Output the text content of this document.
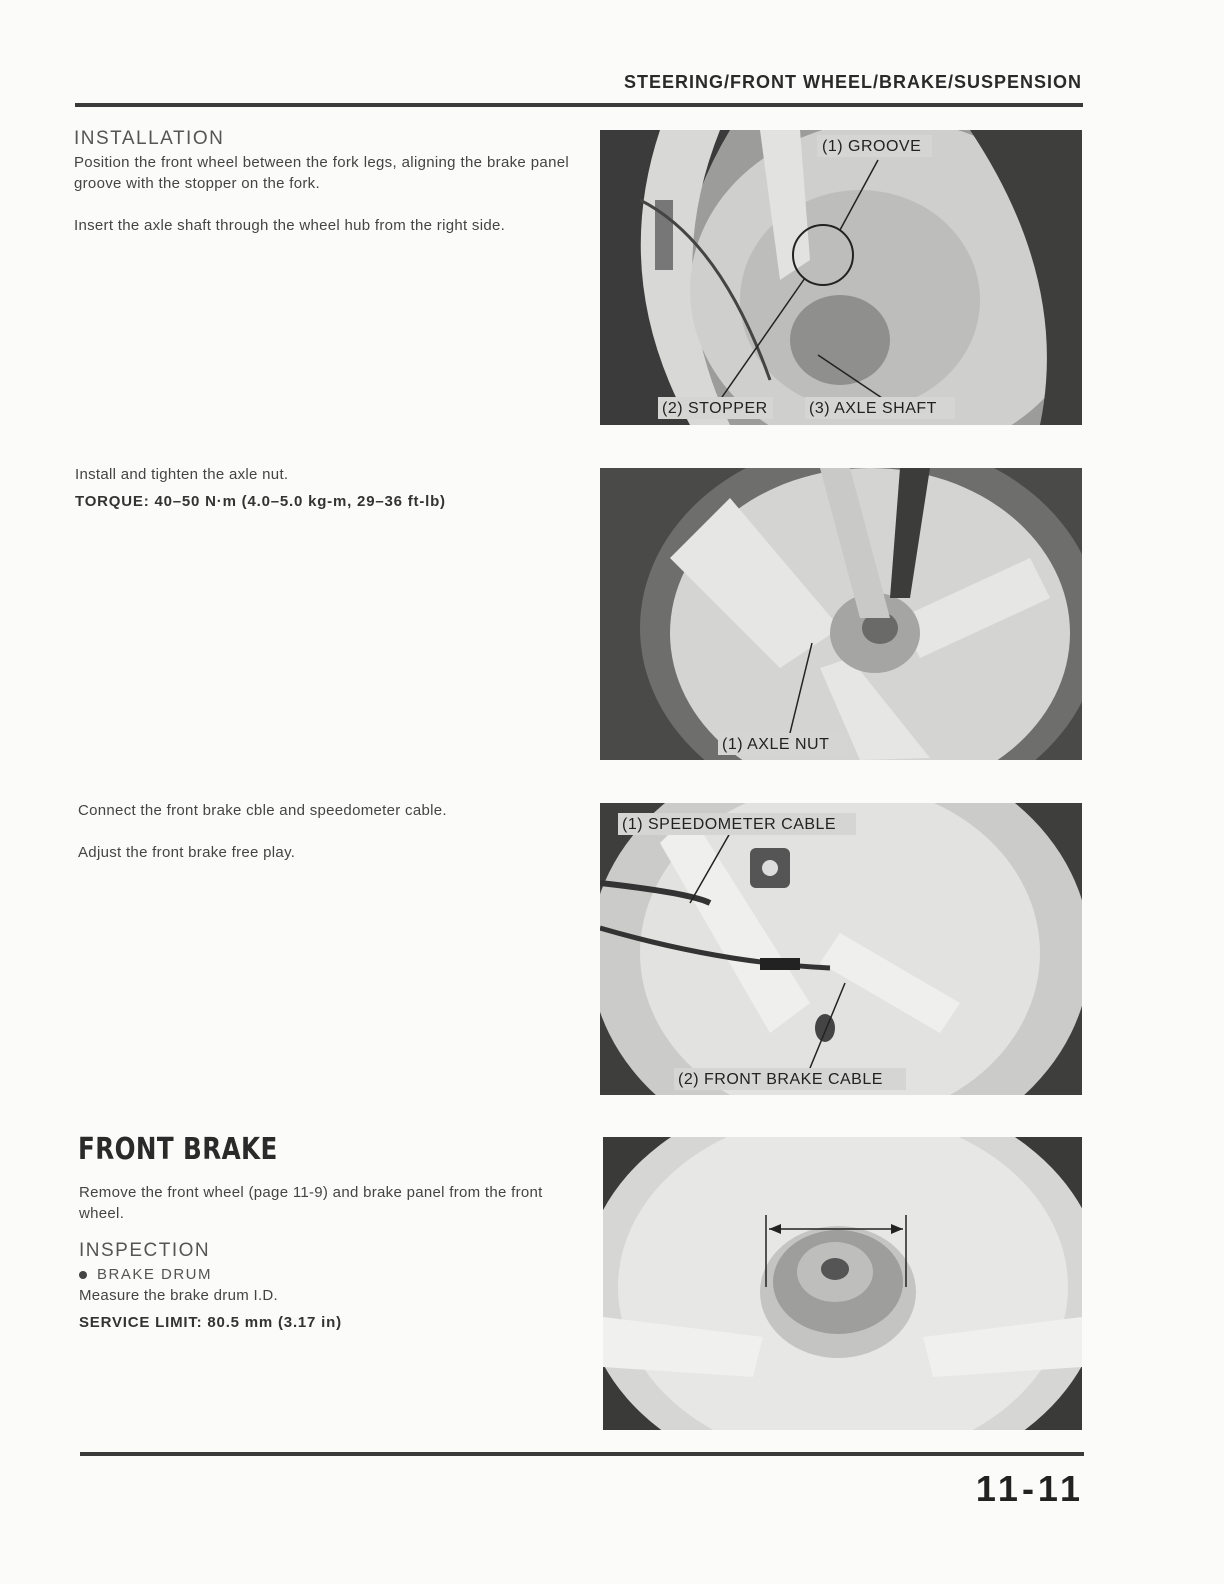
STEERING/FRONT WHEEL/BRAKE/SUSPENSION
INSTALLATION
Position the front wheel between the fork legs, aligning the brake panel groove with the stopper on the fork.
Insert the axle shaft through the wheel hub from the right side.
Install and tighten the axle nut.
TORQUE: 40–50 N·m (4.0–5.0 kg-m, 29–36 ft-lb)
Connect the front brake cble and speedometer cable.
Adjust the front brake free play.
FRONT BRAKE
Remove the front wheel (page 11-9) and brake panel from the front wheel.
INSPECTION
BRAKE DRUM
Measure the brake drum I.D.
SERVICE LIMIT: 80.5 mm (3.17 in)
(1) GROOVE
(2) STOPPER	(3) AXLE SHAFT
(1) AXLE NUT
(1) SPEEDOMETER CABLE
(2) FRONT BRAKE CABLE
11-11
